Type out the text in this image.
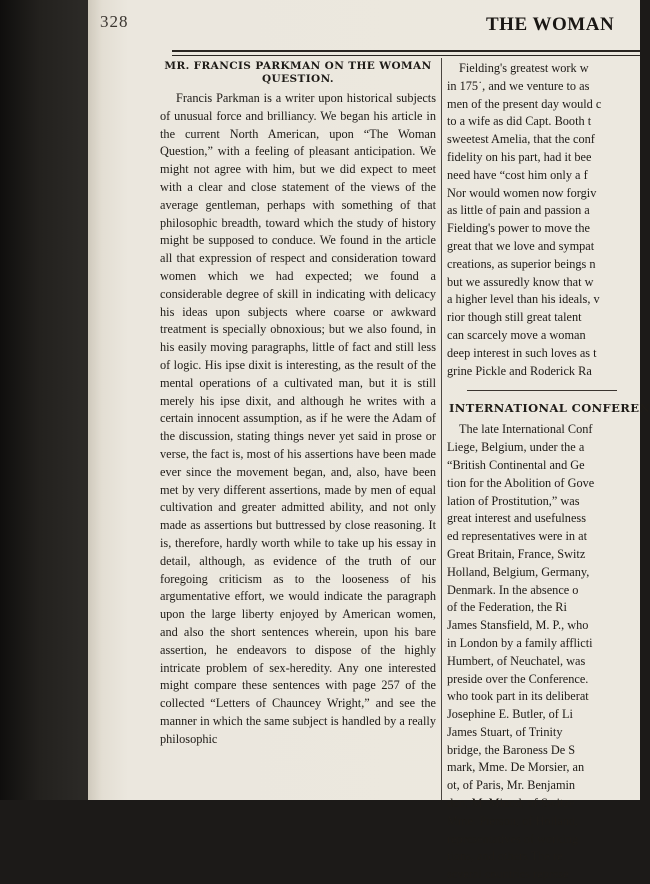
328	THE WOMAN
MR. FRANCIS PARKMAN ON THE WOMAN
QUESTION.

Francis Parkman is a writer upon historical subjects of unusual force and brilliancy. We began his article in the current North American, upon “The Woman Question,” with a feeling of pleasant anticipation. We might not agree with him, but we did expect to meet with a clear and close statement of the views of the average gentleman, perhaps with something of that philosophic breadth, toward which the study of history might be supposed to conduce. We found in the article all that expression of respect and consideration toward women which we had expected; we found a considerable degree of skill in indicating with delicacy his ideas upon subjects where coarse or awkward treatment is specially obnoxious; but we also found, in his easily moving paragraphs, little of fact and still less of logic. His ipse dixit is interesting, as the result of the mental operations of a cultivated man, but it is still merely his ipse dixit, and although he writes with a certain innocent assumption, as if he were the Adam of the discussion, stating things never yet said in prose or verse, the fact is, most of his assertions have been made ever since the movement began, and, also, have been met by very different assertions, made by men of equal cultivation and greater admitted ability, and not only made as assertions but buttressed by close reasoning. It is, therefore, hardly worth while to take up his essay in detail, although, as evidence of the truth of our foregoing criticism as to the looseness of his argumentative effort, we would indicate the paragraph upon the large liberty enjoyed by American women, and also the short sentences wherein, upon his bare assertion, he endeavors to dispose of the highly intricate problem of sex-heredity. Any one interested might compare these sentences with page 257 of the collected “Letters of Chauncey Wright,” and see the manner in which the same subject is handled by a really philosophic

Fielding's greatest work w
in 175˙, and we venture to as
men of the present day would c
to a wife as did Capt. Booth t
sweetest Amelia, that the conf
fidelity on his part, had it bee
need have “cost him only a f
Nor would women now forgiv
as little of pain and passion a
Fielding's power to move the
great that we love and sympat
creations, as superior beings n
but we assuredly know that w
a higher level than his ideals, v
rior though still great talent
can scarcely move a woman
deep interest in such loves as t
grine Pickle and Roderick Ra
INTERNATIONAL CONFEREN
The late International Conf
Liege, Belgium, under the a
“British Continental and Ge
tion for the Abolition of Gove
lation of Prostitution,” was
great interest and usefulness
ed representatives were in at
Great Britain, France, Switz
Holland, Belgium, Germany,
Denmark. In the absence o
of the Federation, the Ri
James Stansfield, M. P., who
in London by a family afflicti
Humbert, of Neuchatel, was
preside over the Conference.
who took part in its deliberat
Josephine E. Butler, of Li
James Stuart, of Trinity
bridge, the Baroness De S
mark, Mme. De Morsier, an
ot, of Paris, Mr. Benjamin
don, M. Minod, of Switze
Mme. Pierson, of Holland,
representatives of working
tions, and others The re
several countries represe
